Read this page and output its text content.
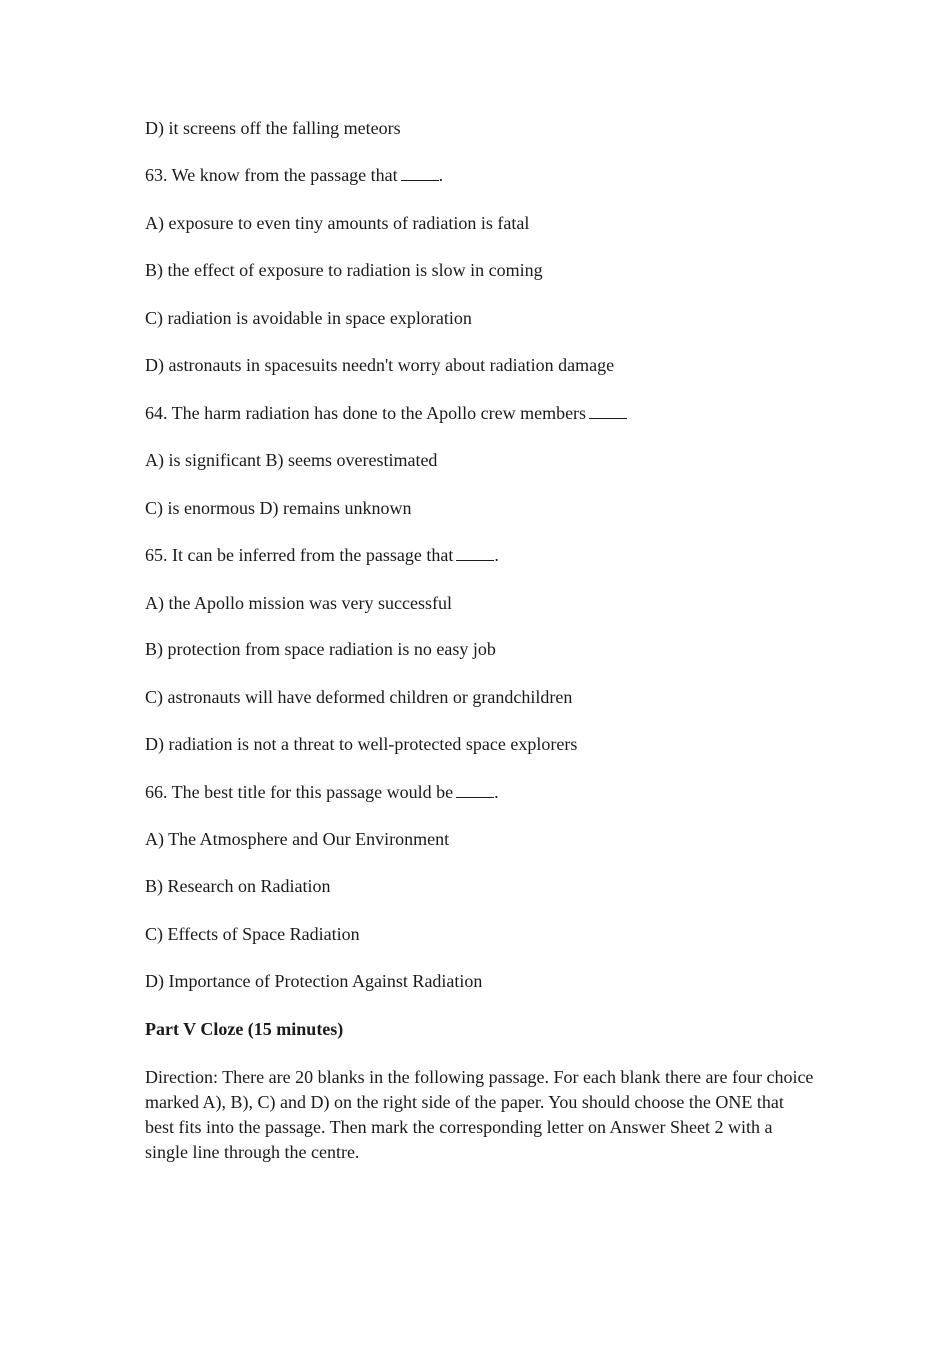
D) it screens off the falling meteors
63. We know from the passage that .
A) exposure to even tiny amounts of radiation is fatal
B) the effect of exposure to radiation is slow in coming
C) radiation is avoidable in space exploration
D) astronauts in spacesuits needn't worry about radiation damage
64. The harm radiation has done to the Apollo crew members
A) is significant B) seems overestimated
C) is enormous D) remains unknown
65. It can be inferred from the passage that .
A) the Apollo mission was very successful
B) protection from space radiation is no easy job
C) astronauts will have deformed children or grandchildren
D) radiation is not a threat to well-protected space explorers
66. The best title for this passage would be .
A) The Atmosphere and Our Environment
B) Research on Radiation
C) Effects of Space Radiation
D) Importance of Protection Against Radiation
Part V Cloze (15 minutes)
Direction: There are 20 blanks in the following passage. For each blank there are four choice marked A), B), C) and D) on the right side of the paper. You should choose the ONE that best fits into the passage. Then mark the corresponding letter on Answer Sheet 2 with a single line through the centre.
